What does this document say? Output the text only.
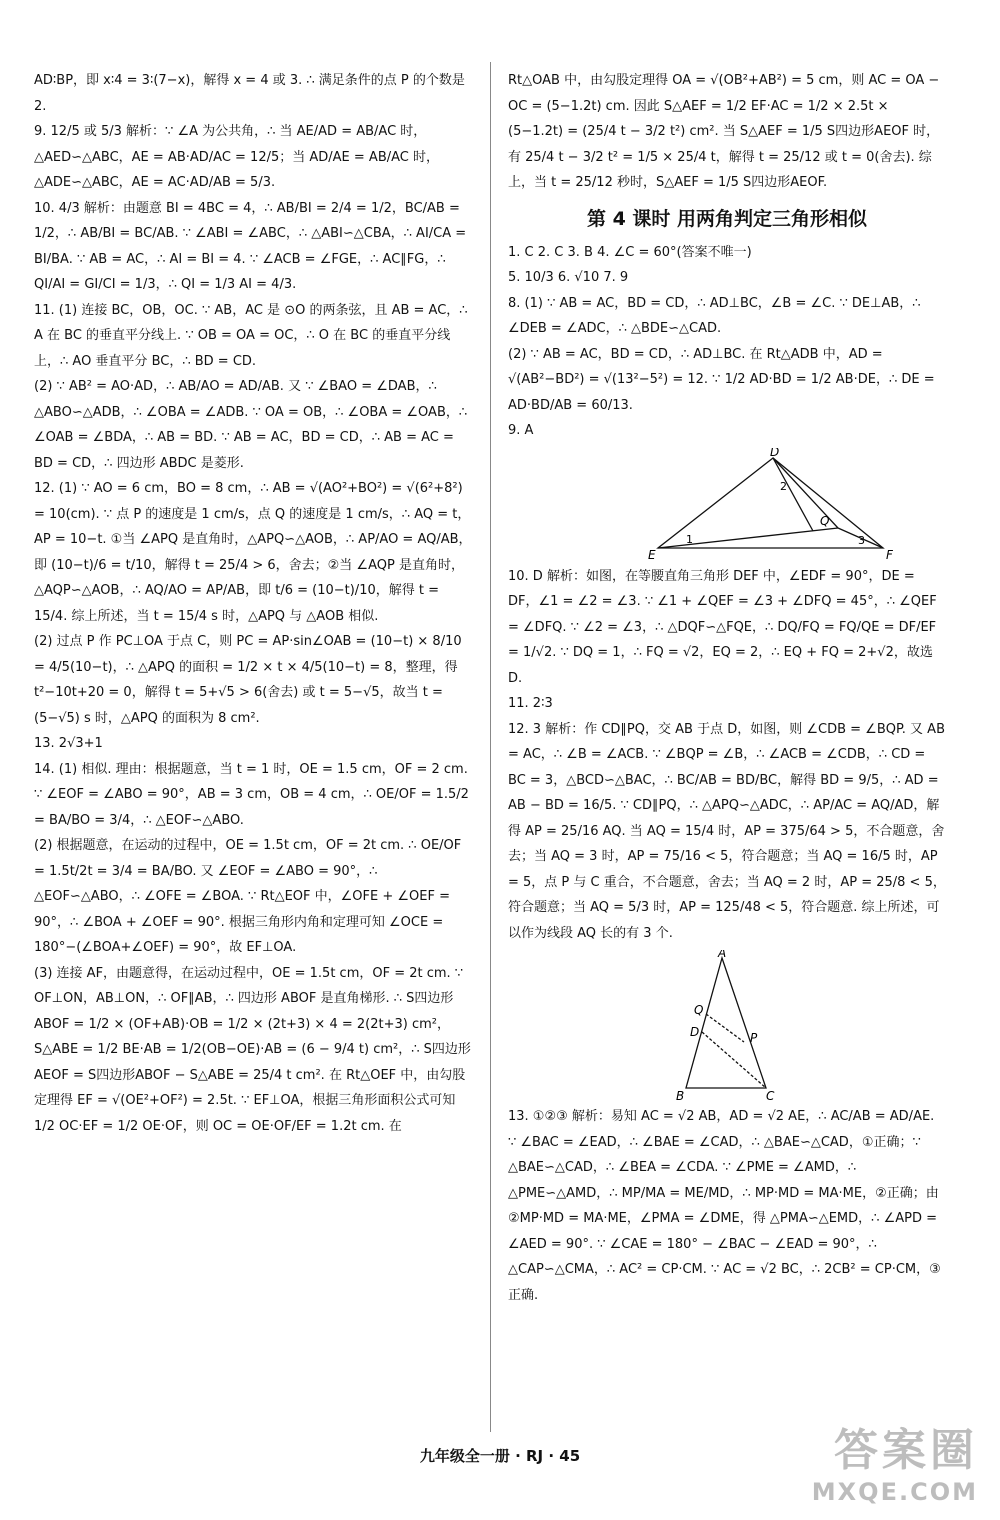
AD∶BP，即 x∶4 = 3∶(7−x)，解得 x = 4 或 3. ∴ 满足条件的点 P 的个数是 2.

9. 12/5 或 5/3 解析：∵ ∠A 为公共角，∴ 当 AE/AD = AB/AC 时，△AED∽△ABC，AE = AB·AD/AC = 12/5；当 AD/AE = AB/AC 时，△ADE∽△ABC，AE = AC·AD/AB = 5/3.

10. 4/3 解析：由题意 BI = 4BC = 4，∴ AB/BI = 2/4 = 1/2，BC/AB = 1/2，∴ AB/BI = BC/AB. ∵ ∠ABI = ∠ABC，∴ △ABI∽△CBA，∴ AI/CA = BI/BA. ∵ AB = AC，∴ AI = BI = 4. ∵ ∠ACB = ∠FGE，∴ AC∥FG，∴ QI/AI = GI/CI = 1/3，∴ QI = 1/3 AI = 4/3.

11. (1) 连接 BC，OB，OC. ∵ AB，AC 是 ⊙O 的两条弦，且 AB = AC，∴ A 在 BC 的垂直平分线上. ∵ OB = OA = OC，∴ O 在 BC 的垂直平分线上，∴ AO 垂直平分 BC，∴ BD = CD.

(2) ∵ AB² = AO·AD，∴ AB/AO = AD/AB. 又 ∵ ∠BAO = ∠DAB，∴ △ABO∽△ADB，∴ ∠OBA = ∠ADB. ∵ OA = OB，∴ ∠OBA = ∠OAB，∴ ∠OAB = ∠BDA，∴ AB = BD. ∵ AB = AC，BD = CD，∴ AB = AC = BD = CD，∴ 四边形 ABDC 是菱形.

12. (1) ∵ AO = 6 cm，BO = 8 cm，∴ AB = √(AO²+BO²) = √(6²+8²) = 10(cm). ∵ 点 P 的速度是 1 cm/s，点 Q 的速度是 1 cm/s，∴ AQ = t，AP = 10−t. ①当 ∠APQ 是直角时，△APQ∽△AOB，∴ AP/AO = AQ/AB，即 (10−t)/6 = t/10，解得 t = 25/4 > 6，舍去；②当 ∠AQP 是直角时，△AQP∽△AOB，∴ AQ/AO = AP/AB，即 t/6 = (10−t)/10，解得 t = 15/4. 综上所述，当 t = 15/4 s 时，△APQ 与 △AOB 相似.

(2) 过点 P 作 PC⊥OA 于点 C，则 PC = AP·sin∠OAB = (10−t) × 8/10 = 4/5(10−t)，∴ △APQ 的面积 = 1/2 × t × 4/5(10−t) = 8，整理，得 t²−10t+20 = 0，解得 t = 5+√5 > 6(舍去) 或 t = 5−√5，故当 t = (5−√5) s 时，△APQ 的面积为 8 cm².

13. 2√3+1

14. (1) 相似. 理由：根据题意，当 t = 1 时，OE = 1.5 cm，OF = 2 cm. ∵ ∠EOF = ∠ABO = 90°，AB = 3 cm，OB = 4 cm，∴ OE/OF = 1.5/2 = BA/BO = 3/4，∴ △EOF∽△ABO.

(2) 根据题意，在运动的过程中，OE = 1.5t cm，OF = 2t cm. ∴ OE/OF = 1.5t/2t = 3/4 = BA/BO. 又 ∠EOF = ∠ABO = 90°，∴ △EOF∽△ABO，∴ ∠OFE = ∠BOA. ∵ Rt△EOF 中，∠OFE + ∠OEF = 90°，∴ ∠BOA + ∠OEF = 90°. 根据三角形内角和定理可知 ∠OCE = 180°−(∠BOA+∠OEF) = 90°，故 EF⊥OA.

(3) 连接 AF，由题意得，在运动过程中，OE = 1.5t cm，OF = 2t cm. ∵ OF⊥ON，AB⊥ON，∴ OF∥AB，∴ 四边形 ABOF 是直角梯形. ∴ S四边形ABOF = 1/2 × (OF+AB)·OB = 1/2 × (2t+3) × 4 = 2(2t+3) cm²，S△ABE = 1/2 BE·AB = 1/2(OB−OE)·AB = (6 − 9/4 t) cm²，∴ S四边形AEOF = S四边形ABOF − S△ABE = 25/4 t cm². 在 Rt△OEF 中，由勾股定理得 EF = √(OE²+OF²) = 2.5t. ∵ EF⊥OA，根据三角形面积公式可知 1/2 OC·EF = 1/2 OE·OF，则 OC = OE·OF/EF = 1.2t cm. 在

Rt△OAB 中，由勾股定理得 OA = √(OB²+AB²) = 5 cm，则 AC = OA − OC = (5−1.2t) cm. 因此 S△AEF = 1/2 EF·AC = 1/2 × 2.5t × (5−1.2t) = (25/4 t − 3/2 t²) cm². 当 S△AEF = 1/5 S四边形AEOF 时，有 25/4 t − 3/2 t² = 1/5 × 25/4 t，解得 t = 25/12 或 t = 0(舍去). 综上，当 t = 25/12 秒时，S△AEF = 1/5 S四边形AEOF.

第 4 课时 用两角判定三角形相似

1. C 2. C 3. B 4. ∠C = 60°(答案不唯一)

5. 10/3 6. √10 7. 9

8. (1) ∵ AB = AC，BD = CD，∴ AD⊥BC，∠B = ∠C. ∵ DE⊥AB，∴ ∠DEB = ∠ADC，∴ △BDE∽△CAD.

(2) ∵ AB = AC，BD = CD，∴ AD⊥BC. 在 Rt△ADB 中，AD = √(AB²−BD²) = √(13²−5²) = 12. ∵ 1/2 AD·BD = 1/2 AB·DE，∴ DE = AD·BD/AB = 60/13.

9. A

D
E	F
Q
1
2
3

10. D 解析：如图，在等腰直角三角形 DEF 中，∠EDF = 90°，DE = DF，∠1 = ∠2 = ∠3. ∵ ∠1 + ∠QEF = ∠3 + ∠DFQ = 45°，∴ ∠QEF = ∠DFQ. ∵ ∠2 = ∠3，∴ △DQF∽△FQE，∴ DQ/FQ = FQ/QE = DF/EF = 1/√2. ∵ DQ = 1，∴ FQ = √2，EQ = 2，∴ EQ + FQ = 2+√2，故选 D.

11. 2∶3

12. 3 解析：作 CD∥PQ，交 AB 于点 D，如图，则 ∠CDB = ∠BQP. 又 AB = AC，∴ ∠B = ∠ACB. ∵ ∠BQP = ∠B，∴ ∠ACB = ∠CDB，∴ CD = BC = 3，△BCD∽△BAC，∴ BC/AB = BD/BC，解得 BD = 9/5，∴ AD = AB − BD = 16/5. ∵ CD∥PQ，∴ △APQ∽△ADC，∴ AP/AC = AQ/AD，解得 AP = 25/16 AQ. 当 AQ = 15/4 时，AP = 375/64 > 5，不合题意，舍去；当 AQ = 3 时，AP = 75/16 < 5，符合题意；当 AQ = 16/5 时，AP = 5，点 P 与 C 重合，不合题意，舍去；当 AQ = 2 时，AP = 25/8 < 5，符合题意；当 AQ = 5/3 时，AP = 125/48 < 5，符合题意. 综上所述，可以作为线段 AQ 长的有 3 个.

A
Q
D	P
B	C

13. ①②③ 解析：易知 AC = √2 AB，AD = √2 AE，∴ AC/AB = AD/AE. ∵ ∠BAC = ∠EAD，∴ ∠BAE = ∠CAD，∴ △BAE∽△CAD，①正确；∵ △BAE∽△CAD，∴ ∠BEA = ∠CDA. ∵ ∠PME = ∠AMD，∴ △PME∽△AMD，∴ MP/MA = ME/MD，∴ MP·MD = MA·ME，②正确；由②MP·MD = MA·ME，∠PMA = ∠DME，得 △PMA∽△EMD，∴ ∠APD = ∠AED = 90°. ∵ ∠CAE = 180° − ∠BAC − ∠EAD = 90°，∴ △CAP∽△CMA，∴ AC² = CP·CM. ∵ AC = √2 BC，∴ 2CB² = CP·CM，③正确.

九年级全一册 · RJ · 45	答案圈
MXQE.COM
